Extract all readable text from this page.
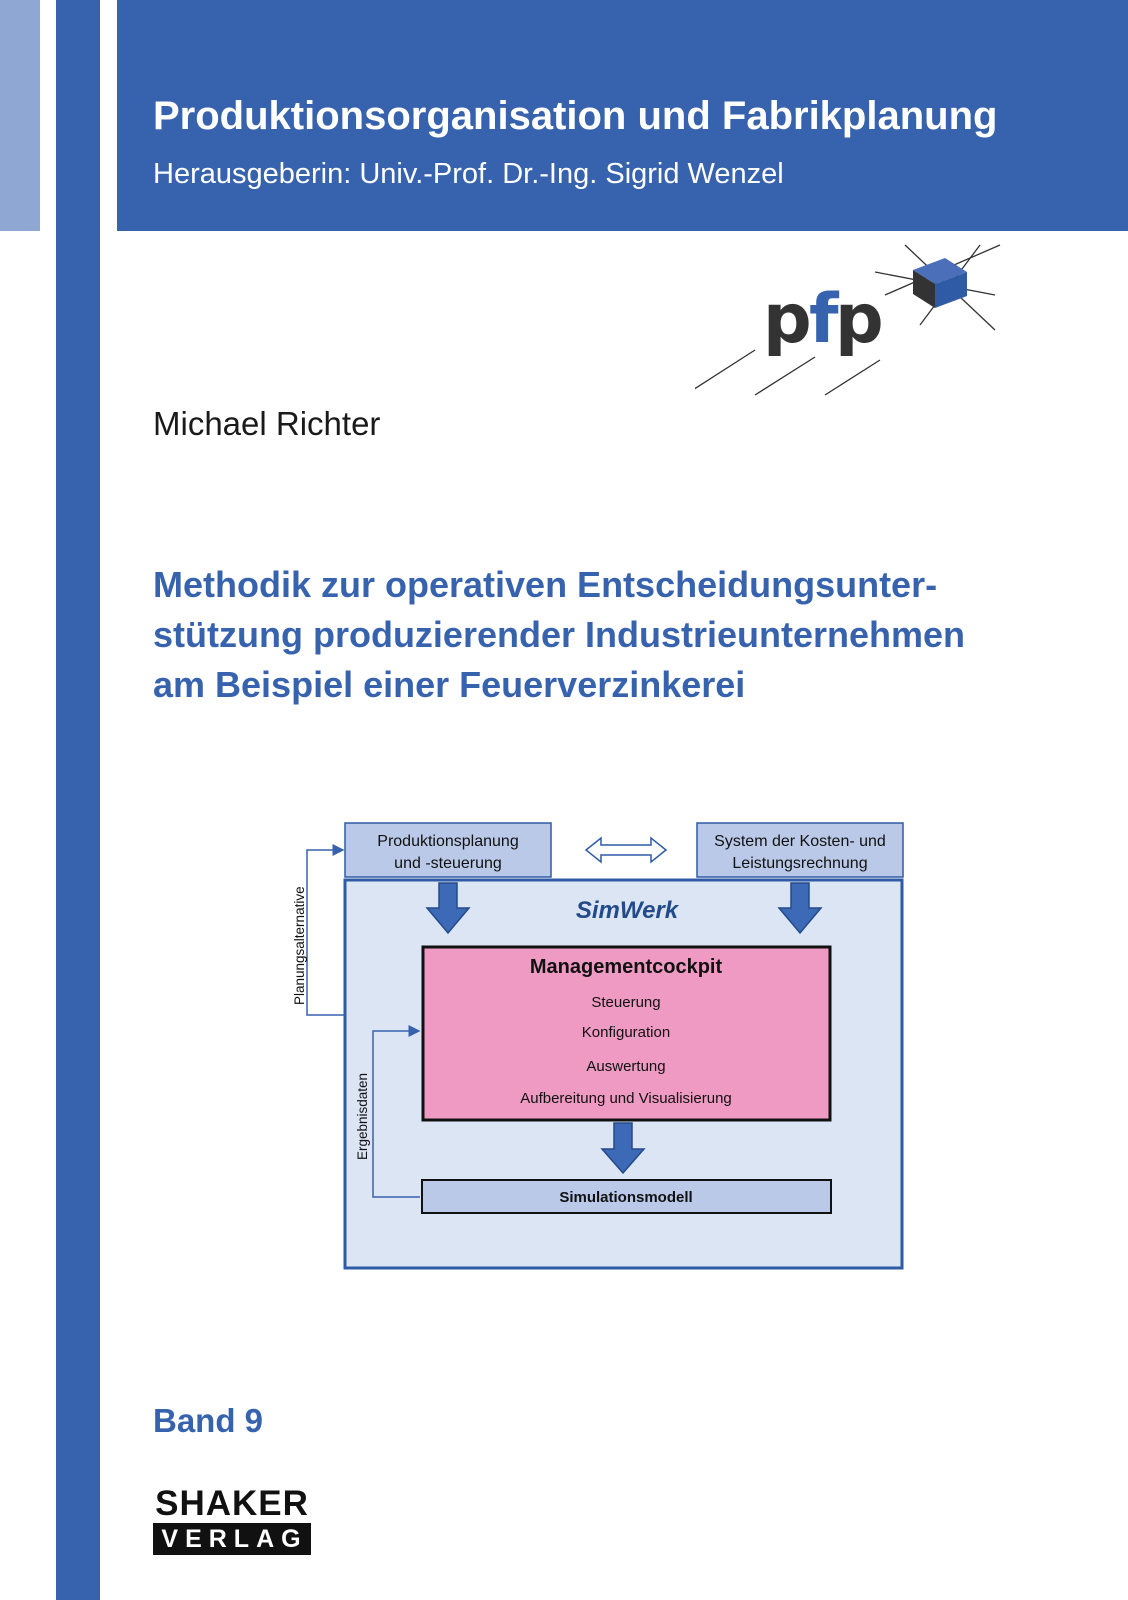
Produktionsorganisation und Fabrikplanung
Herausgeberin: Univ.-Prof. Dr.-Ing. Sigrid Wenzel
p
f
p
Michael Richter
Methodik zur operativen Entscheidungsunter-
stützung produzierender Industrieunternehmen
am Beispiel einer Feuerverzinkerei
Produktionsplanung
und -steuerung
System der Kosten- und
Leistungsrechnung
SimWerk
Managementcockpit
Steuerung
Konfiguration
Auswertung
Aufbereitung und Visualisierung
Simulationsmodell
Planungsalternative
Ergebnisdaten
Band 9
SHAKER
VERLAG
